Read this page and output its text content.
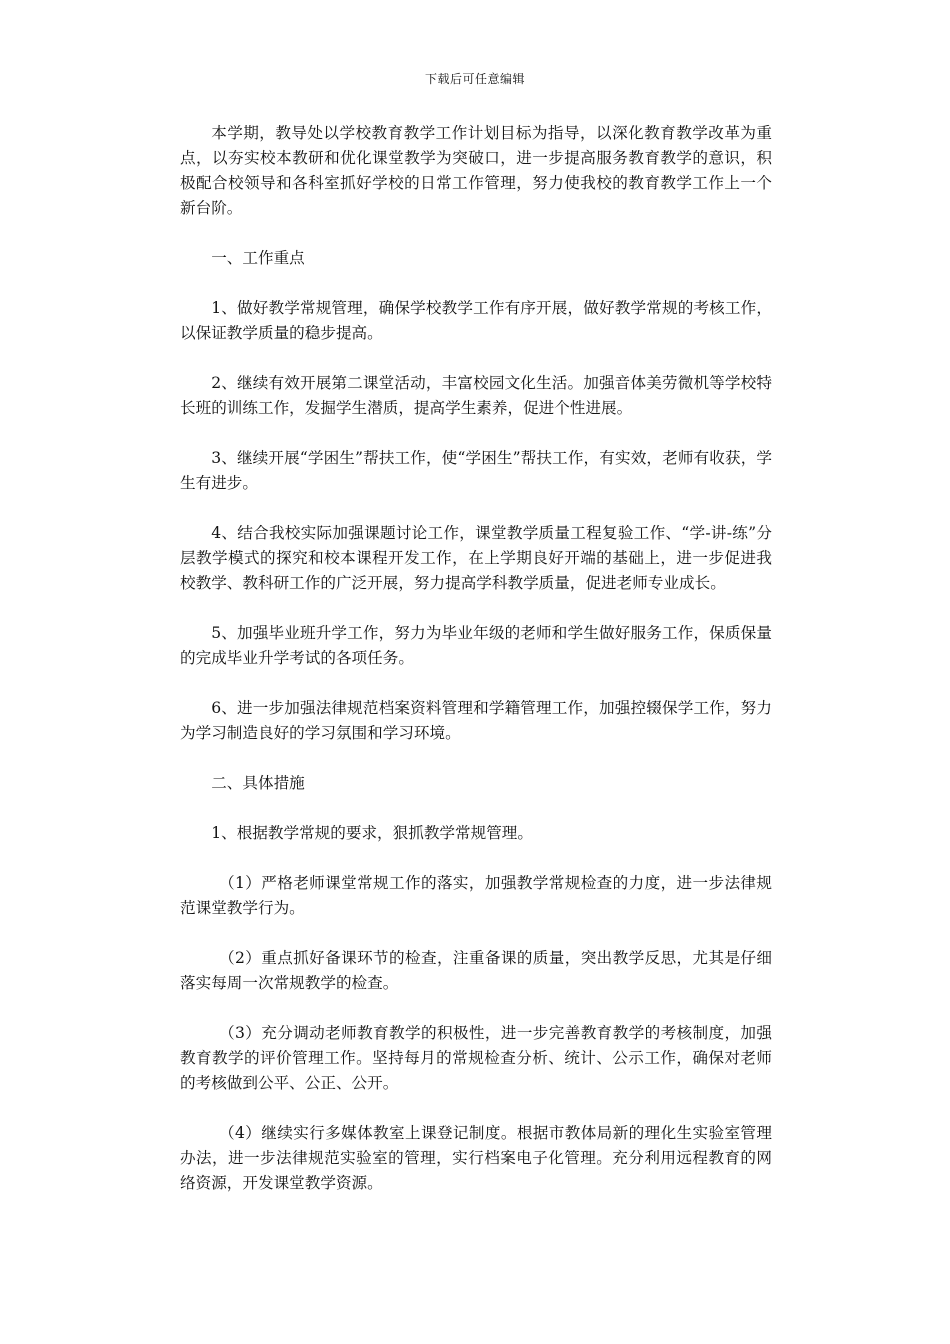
下载后可任意编辑

本学期，教导处以学校教育教学工作计划目标为指导，以深化教育教学改革为重点，以夯实校本教研和优化课堂教学为突破口，进一步提高服务教育教学的意识，积极配合校领导和各科室抓好学校的日常工作管理，努力使我校的教育教学工作上一个新台阶。

一、工作重点

1、做好教学常规管理，确保学校教学工作有序开展，做好教学常规的考核工作，以保证教学质量的稳步提高。

2、继续有效开展第二课堂活动，丰富校园文化生活。加强音体美劳微机等学校特长班的训练工作，发掘学生潜质，提高学生素养，促进个性进展。

3、继续开展“学困生”帮扶工作，使“学困生”帮扶工作，有实效，老师有收获，学生有进步。

4、结合我校实际加强课题讨论工作，课堂教学质量工程复验工作、“学-讲-练”分层教学模式的探究和校本课程开发工作，在上学期良好开端的基础上，进一步促进我校教学、教科研工作的广泛开展，努力提高学科教学质量，促进老师专业成长。

5、加强毕业班升学工作，努力为毕业年级的老师和学生做好服务工作，保质保量的完成毕业升学考试的各项任务。

6、进一步加强法律规范档案资料管理和学籍管理工作，加强控辍保学工作，努力为学习制造良好的学习氛围和学习环境。

二、具体措施

1、根据教学常规的要求，狠抓教学常规管理。

（1）严格老师课堂常规工作的落实，加强教学常规检查的力度，进一步法律规范课堂教学行为。

（2）重点抓好备课环节的检查，注重备课的质量，突出教学反思，尤其是仔细落实每周一次常规教学的检查。

（3）充分调动老师教育教学的积极性，进一步完善教育教学的考核制度，加强教育教学的评价管理工作。坚持每月的常规检查分析、统计、公示工作，确保对老师的考核做到公平、公正、公开。

（4）继续实行多媒体教室上课登记制度。根据市教体局新的理化生实验室管理办法，进一步法律规范实验室的管理，实行档案电子化管理。充分利用远程教育的网络资源，开发课堂教学资源。
